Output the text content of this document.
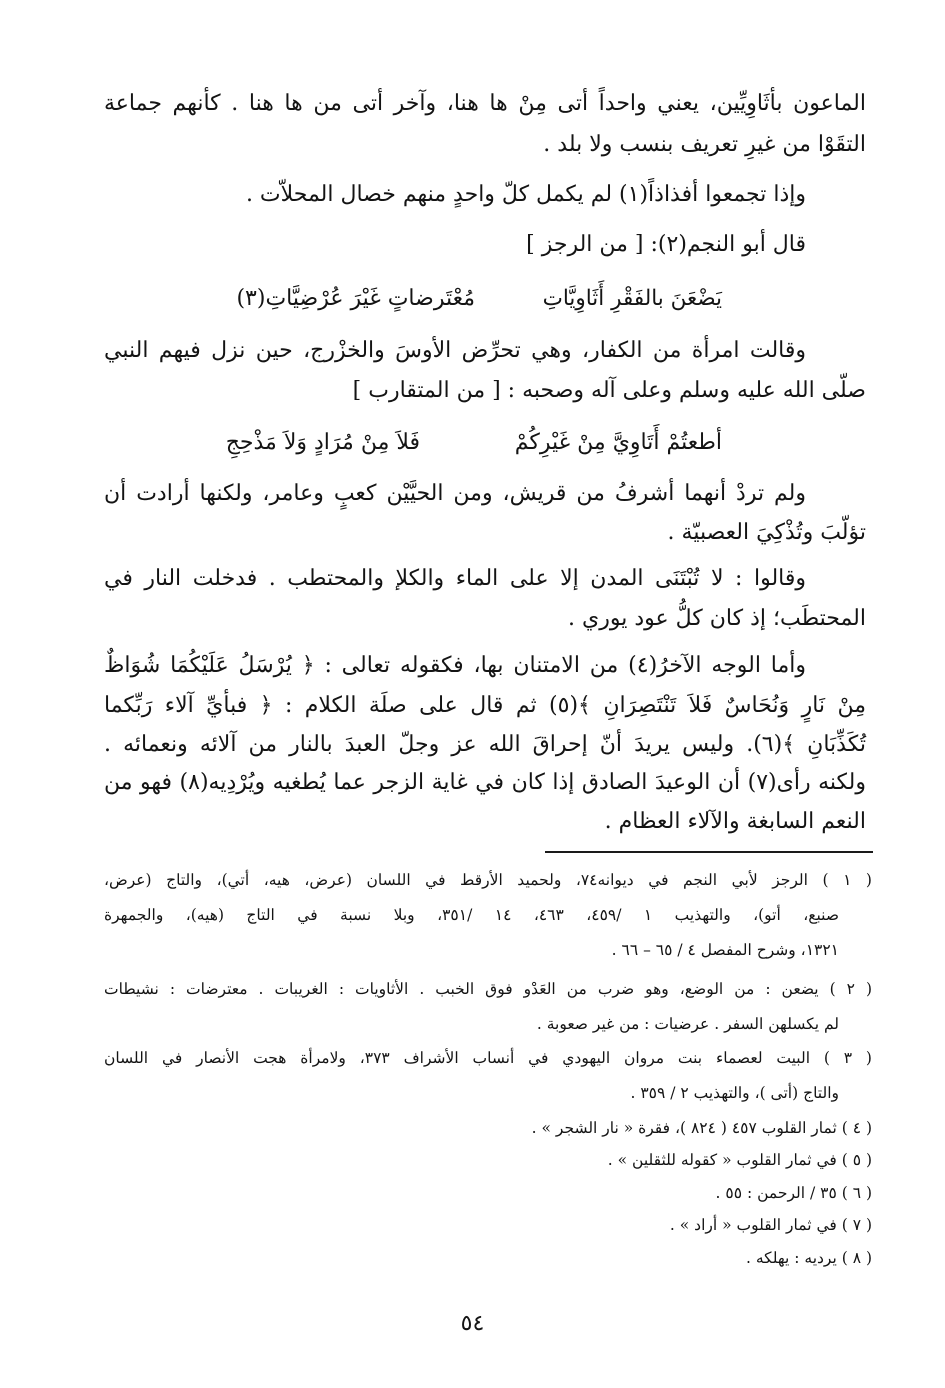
الماعون بأثَاوِيِّين، يعني واحداً أتى مِنْ ها هنا، وآخر أتى من ها هنا . كأنهم جماعة

التقَوْا من غيرِ تعريف بنسب ولا بلد .

وإذا تجمعوا أفذاذاً(١) لم يكمل كلّ واحدٍ منهم خصال المحلاّت .

قال أبو النجم(٢): [ من الرجز ]

يَضْعَنَ بالفَقْرِ أَثَاوِيَّاتِ

مُعْتَرضاتٍ غَيْرَ عُرْضِيَّاتِ(٣)

وقالت امرأة من الكفار، وهي تحرِّض الأوسَ والخزْرج، حين نزل فيهم النبي

صلّى الله عليه وسلم وعلى آله وصحبه : [ من المتقارب ]

أطعتُمْ أَتَاوِيَّ مِنْ غَيْرِكُمْ

فَلاَ مِنْ مُرَادٍ وَلاَ مَذْحِجِ

ولم تردْ أنهما أشرفُ من قريش، ومن الحيَّيْن كعبٍ وعامر، ولكنها أرادت أن

تؤلّبَ وتُذْكِيَ العصبيّة .

وقالوا : لا تُبْتَنَى المدن إلا على الماء والكلإ والمحتطب . فدخلت النار في

المحتطَب؛ إذ كان كلُّ عود يوري .

وأما الوجه الآخرُ(٤) من الامتنان بها، فكقوله تعالى : ﴿ يُرْسَلُ عَلَيْكُمَا شُوَاظٌ

مِنْ نَارٍ وَنُحَاسٌ فَلاَ تَنْتَصِرَانِ ﴾(٥) ثم قال على صلَة الكلام : ﴿ فبأيِّ آلاء رَبِّكما

تُكَذِّبَانِ ﴾(٦). وليس يريدَ أنّ إحراقَ الله عز وجلّ العبدَ بالنار من آلائه ونعمائه .

ولكنه رأى(٧) أن الوعيدَ الصادق إذا كان في غاية الزجر عما يُطغيه ويُرْدِيه(٨) فهو من

النعم السابغة والآلاء العظام .

( ١ ) الرجز لأبي النجم في ديوانه٧٤، ولحميد الأرقط في اللسان (عرض، هيه، أتي)، والتاج (عرض،

صنبع، أتو)، والتهذيب ١ /٤٥٩، ٤٦٣، ١٤ /٣٥١، وبلا نسبة في التاج (هيه)، والجمهرة

١٣٢١، وشرح المفصل ٤ / ٦٥ – ٦٦ .

( ٢ ) يضعن : من الوضع، وهو ضرب من العَدْو فوق الخبب . الأثاويات : الغريبات . معترضات : نشيطات

لم يكسلهن السفر . عرضيات : من غير صعوبة .

( ٣ ) البيت لعصماء بنت مروان اليهودي في أنساب الأشراف ٣٧٣، ولامرأة هجت الأنصار في اللسان

والتاج (أتى )، والتهذيب ٢ / ٣٥٩ .

( ٤ ) ثمار القلوب ٤٥٧ ( ٨٢٤ )، فقرة « نار الشجر » .

( ٥ ) في ثمار القلوب « كقوله للثقلين » .

( ٦ ) ٣٥ / الرحمن : ٥٥ .

( ٧ ) في ثمار القلوب « أراد » .

( ٨ ) يرديه : يهلكه .

٥٤
